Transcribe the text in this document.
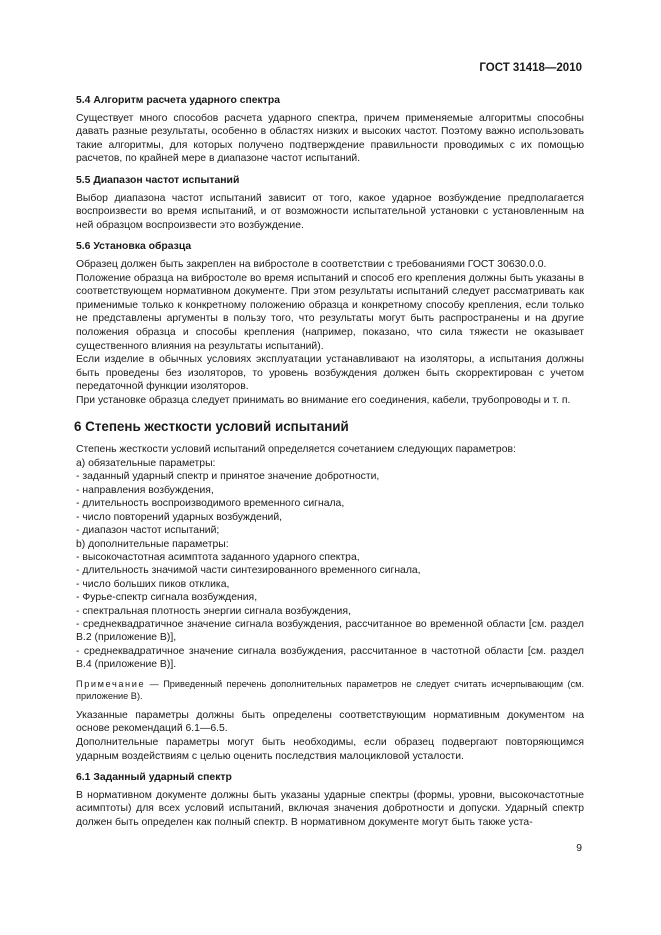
ГОСТ 31418—2010
5.4 Алгоритм расчета ударного спектра

Существует много способов расчета ударного спектра, причем применяемые алгоритмы способны давать разные результаты, особенно в областях низких и высоких частот. Поэтому важно использовать такие алгоритмы, для которых получено подтверждение правильности проводимых с их помощью расчетов, по крайней мере в диапазоне частот испытаний.

5.5 Диапазон частот испытаний

Выбор диапазона частот испытаний зависит от того, какое ударное возбуждение предполагается воспроизвести во время испытаний, и от возможности испытательной установки с установленным на ней образцом воспроизвести это возбуждение.

5.6 Установка образца

Образец должен быть закреплен на вибростоле в соответствии с требованиями ГОСТ 30630.0.0.

Положение образца на вибростоле во время испытаний и способ его крепления должны быть указаны в соответствующем нормативном документе. При этом результаты испытаний следует рассматривать как применимые только к конкретному положению образца и конкретному способу крепления, если только не представлены аргументы в пользу того, что результаты могут быть распространены и на другие положения образца и способы крепления (например, показано, что сила тяжести не оказывает существенного влияния на результаты испытаний).

Если изделие в обычных условиях эксплуатации устанавливают на изоляторы, а испытания должны быть проведены без изоляторов, то уровень возбуждения должен быть скорректирован с учетом передаточной функции изоляторов.

При установке образца следует принимать во внимание его соединения, кабели, трубопроводы и т. п.

6 Степень жесткости условий испытаний

Степень жесткости условий испытаний определяется сочетанием следующих параметров:

а) обязательные параметры:
- заданный ударный спектр и принятое значение добротности,
- направления возбуждения,
- длительность воспроизводимого временного сигнала,
- число повторений ударных возбуждений,
- диапазон частот испытаний;
b) дополнительные параметры:
- высокочастотная асимптота заданного ударного спектра,
- длительность значимой части синтезированного временного сигнала,
- число больших пиков отклика,
- Фурье-спектр сигнала возбуждения,
- спектральная плотность энергии сигнала возбуждения,
- среднеквадратичное значение сигнала возбуждения, рассчитанное во временной области [см. раздел В.2 (приложение В)],
- среднеквадратичное значение сигнала возбуждения, рассчитанное в частотной области [см. раздел В.4 (приложение В)].
Примечание — Приведенный перечень дополнительных параметров не следует считать исчерпывающим (см. приложение В).

Указанные параметры должны быть определены соответствующим нормативным документом на основе рекомендаций 6.1—6.5.

Дополнительные параметры могут быть необходимы, если образец подвергают повторяющимся ударным воздействиям с целью оценить последствия малоцикловой усталости.

6.1 Заданный ударный спектр

В нормативном документе должны быть указаны ударные спектры (формы, уровни, высокочастотные асимптоты) для всех условий испытаний, включая значения добротности и допуски. Ударный спектр должен быть определен как полный спектр. В нормативном документе могут быть также уста-

9
